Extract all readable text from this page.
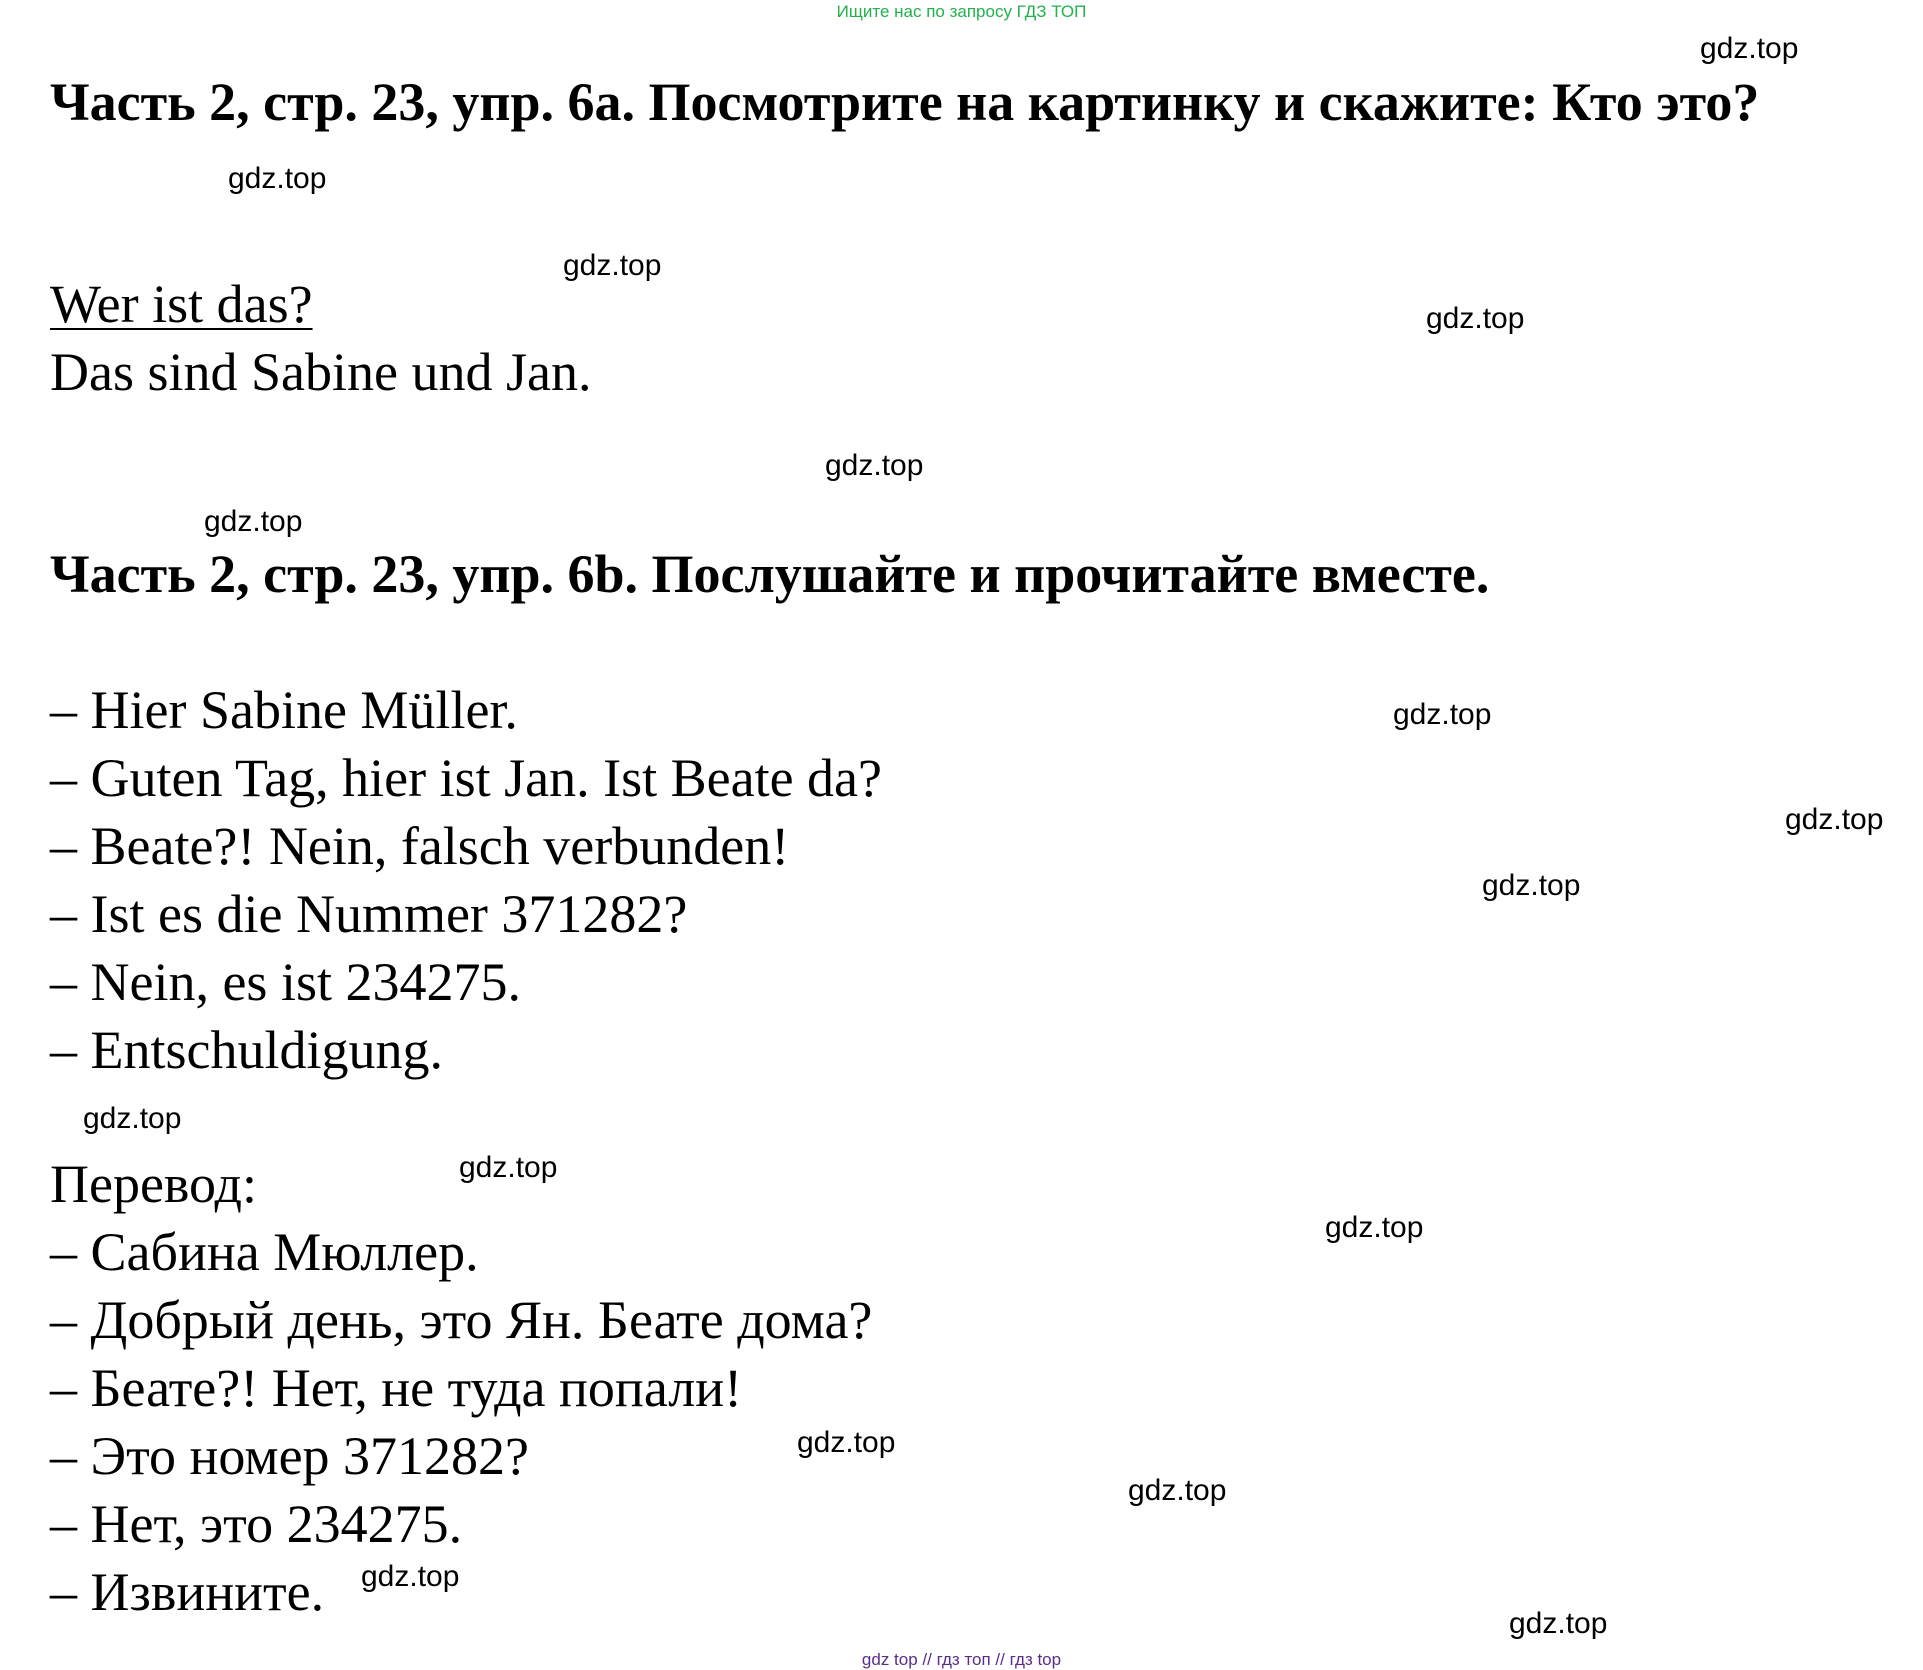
Ищите нас по запросу ГДЗ ТОП
Часть 2, стр. 23, упр. 6a. Посмотрите на картинку и скажите: Кто это?

Wer ist das?

Das sind Sabine und Jan.

Часть 2, стр. 23, упр. 6b. Послушайте и прочитайте вместе.

– Hier Sabine Müller.

– Guten Tag, hier ist Jan. Ist Beate da?

– Beate?! Nein, falsch verbunden!

– Ist es die Nummer 371282?

– Nein, es ist 234275.

– Entschuldigung.

Перевод:

– Сабина Мюллер.

– Добрый день, это Ян. Беате дома?

– Беате?! Нет, не туда попали!

– Это номер 371282?

– Нет, это 234275.

– Извините.

gdz.top
gdz.top
gdz.top
gdz.top
gdz.top
gdz.top
gdz.top
gdz.top
gdz.top
gdz.top
gdz.top
gdz.top
gdz.top
gdz.top
gdz.top
gdz.top
gdz top // гдз топ // гдз top
